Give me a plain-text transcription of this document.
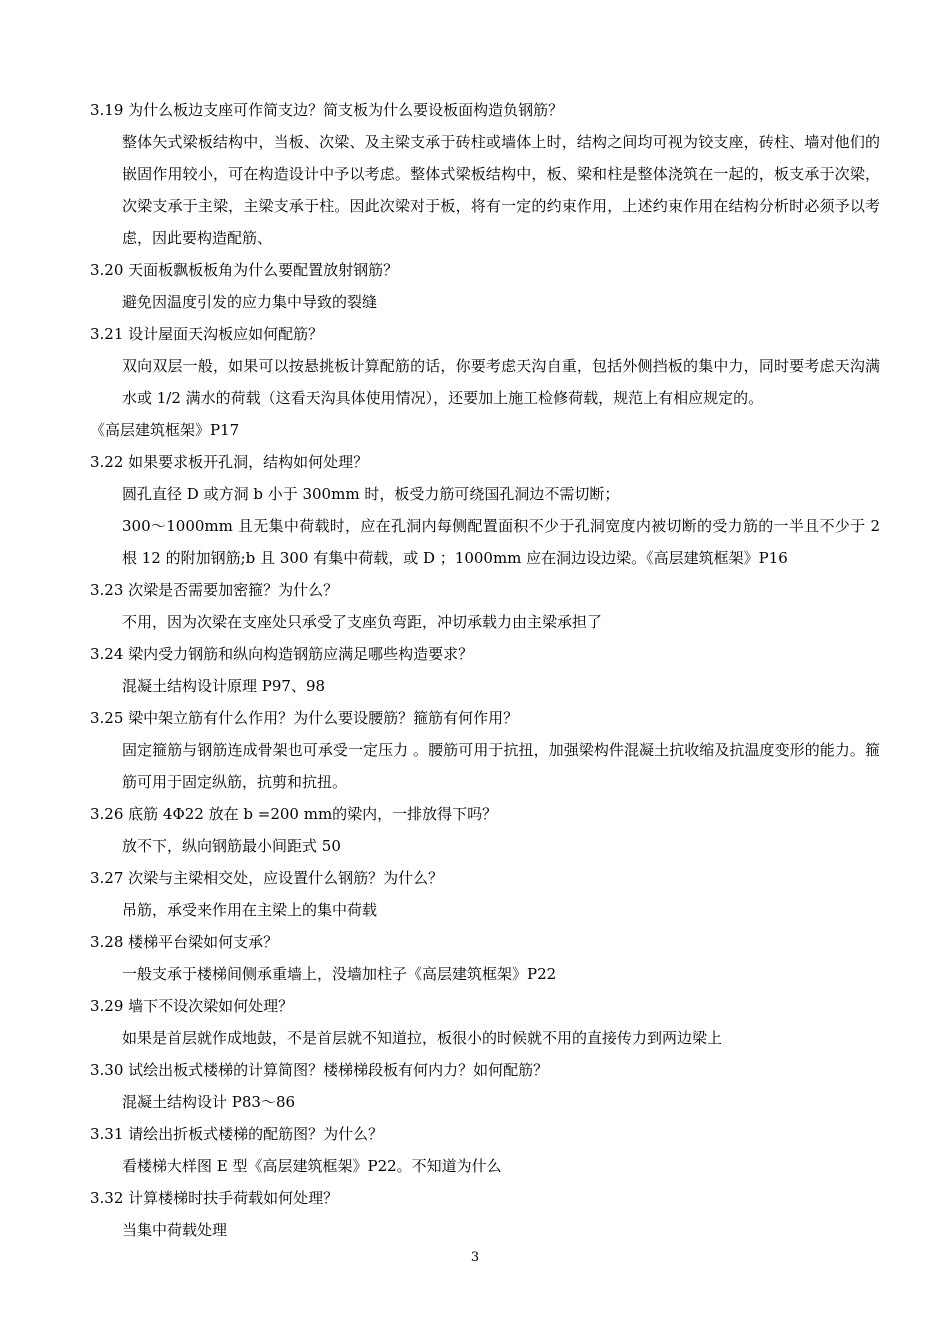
3.19 为什么板边支座可作简支边？简支板为什么要设板面构造负钢筋？

整体矢式梁板结构中，当板、次梁、及主梁支承于砖柱或墙体上时，结构之间均可视为铰支座，砖柱、墙对他们的嵌固作用较小，可在构造设计中予以考虑。整体式梁板结构中，板、梁和柱是整体浇筑在一起的，板支承于次梁，次梁支承于主梁，主梁支承于柱。因此次梁对于板，将有一定的约束作用，上述约束作用在结构分析时必须予以考虑，因此要构造配筋、

3.20 天面板飘板板角为什么要配置放射钢筋？

避免因温度引发的应力集中导致的裂缝

3.21 设计屋面天沟板应如何配筋？

双向双层一般，如果可以按悬挑板计算配筋的话，你要考虑天沟自重，包括外侧挡板的集中力，同时要考虑天沟满水或 1/2 满水的荷载（这看天沟具体使用情况），还要加上施工检修荷载，规范上有相应规定的。

《高层建筑框架》P17

3.22 如果要求板开孔洞，结构如何处理？

圆孔直径 D 或方洞 b 小于 300mm 时，板受力筋可绕国孔洞边不需切断；

300～1000mm 且无集中荷载时，应在孔洞内每侧配置面积不少于孔洞宽度内被切断的受力筋的一半且不少于 2 根 12 的附加钢筋;b 且 300 有集中荷载，或 D ；1000mm 应在洞边设边梁。《高层建筑框架》P16

3.23 次梁是否需要加密箍？为什么？

不用，因为次梁在支座处只承受了支座负弯距，冲切承载力由主梁承担了

3.24 梁内受力钢筋和纵向构造钢筋应满足哪些构造要求？

混凝土结构设计原理 P97、98

3.25 梁中架立筋有什么作用？为什么要设腰筋？箍筋有何作用？

固定箍筋与钢筋连成骨架也可承受一定压力 。腰筋可用于抗扭，加强梁构件混凝土抗收缩及抗温度变形的能力。箍筋可用于固定纵筋，抗剪和抗扭。

3.26 底筋 4Φ22 放在 b =200 mm的梁内，一排放得下吗？

放不下，纵向钢筋最小间距式 50

3.27 次梁与主梁相交处，应设置什么钢筋？为什么？

吊筋，承受来作用在主梁上的集中荷载

3.28 楼梯平台梁如何支承？

一般支承于楼梯间侧承重墙上，没墙加柱子《高层建筑框架》P22

3.29 墙下不设次梁如何处理？

如果是首层就作成地鼓，不是首层就不知道拉，板很小的时候就不用的直接传力到两边梁上

3.30 试绘出板式楼梯的计算简图？楼梯梯段板有何内力？如何配筋？

混凝土结构设计 P83～86

3.31 请绘出折板式楼梯的配筋图？为什么？

看楼梯大样图 E 型《高层建筑框架》P22。不知道为什么

3.32 计算楼梯时扶手荷载如何处理？

当集中荷载处理

3
